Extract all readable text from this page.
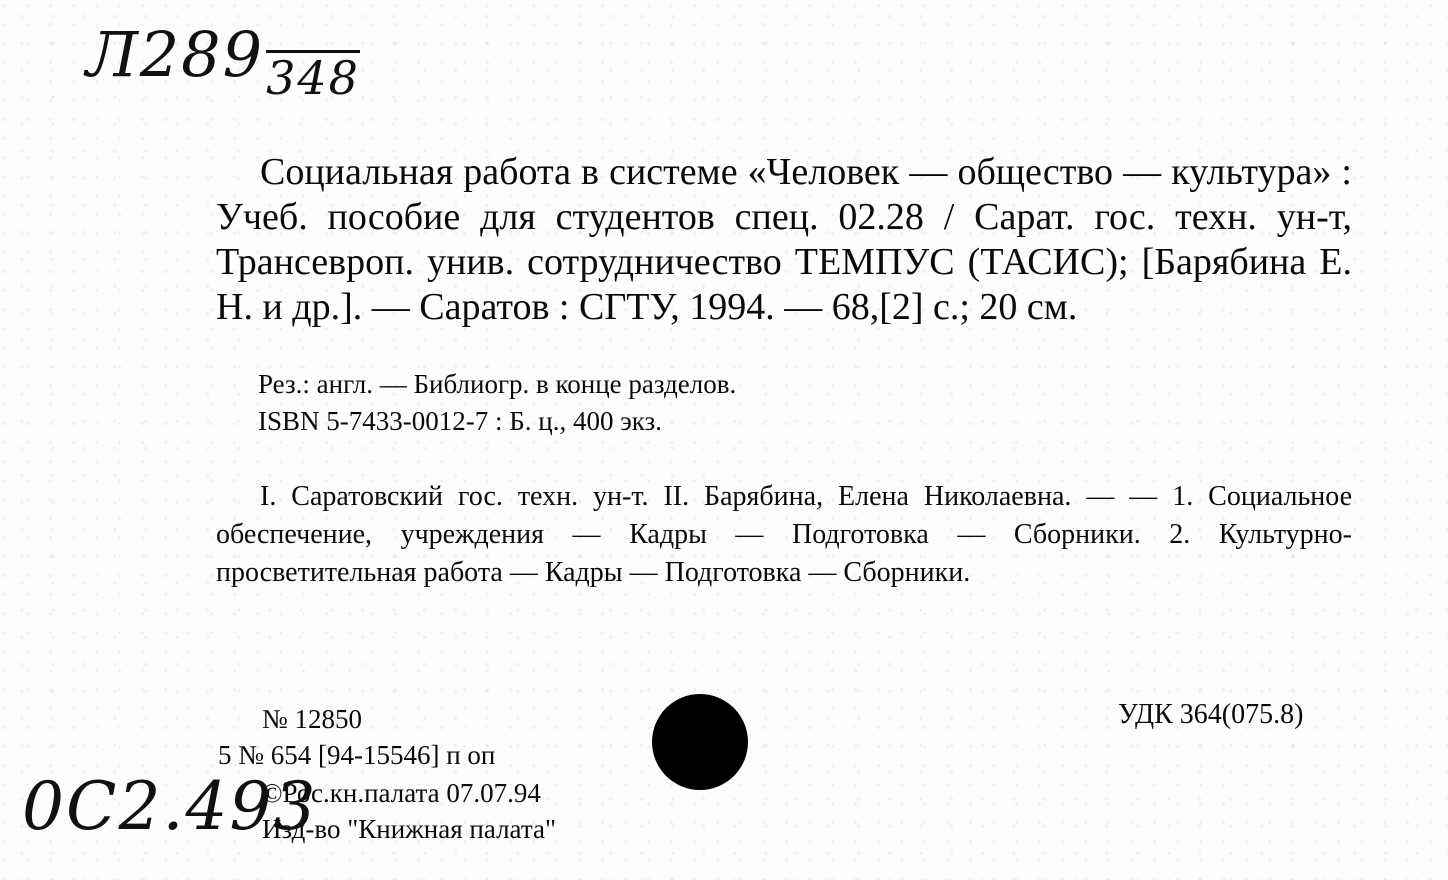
Л289348
Социальная работа в системе «Человек — общество — культура» : Учеб. пособие для студентов спец. 02.28 / Сарат. гос. техн. ун-т, Трансевроп. унив. сотрудничество ТЕМПУС (ТАСИС); [Барябина Е. Н. и др.]. — Саратов : СГТУ, 1994. — 68,[2] с.; 20 см.
Рез.: англ. — Библиогр. в конце разделов.
ISBN 5-7433-0012-7 : Б. ц., 400 экз.
I. Саратовский гос. техн. ун-т. II. Барябина, Елена Николаевна. — — 1. Социальное обеспечение, учреждения — Кадры — Подготовка — Сборники. 2. Культурно-просветительная работа — Кадры — Подготовка — Сборники.
№ 12850
5 № 654 [94-15546] п оп
©Рос.кн.палата 07.07.94
Изд-во "Книжная палата"
УДК 364(075.8)
0С2.493
